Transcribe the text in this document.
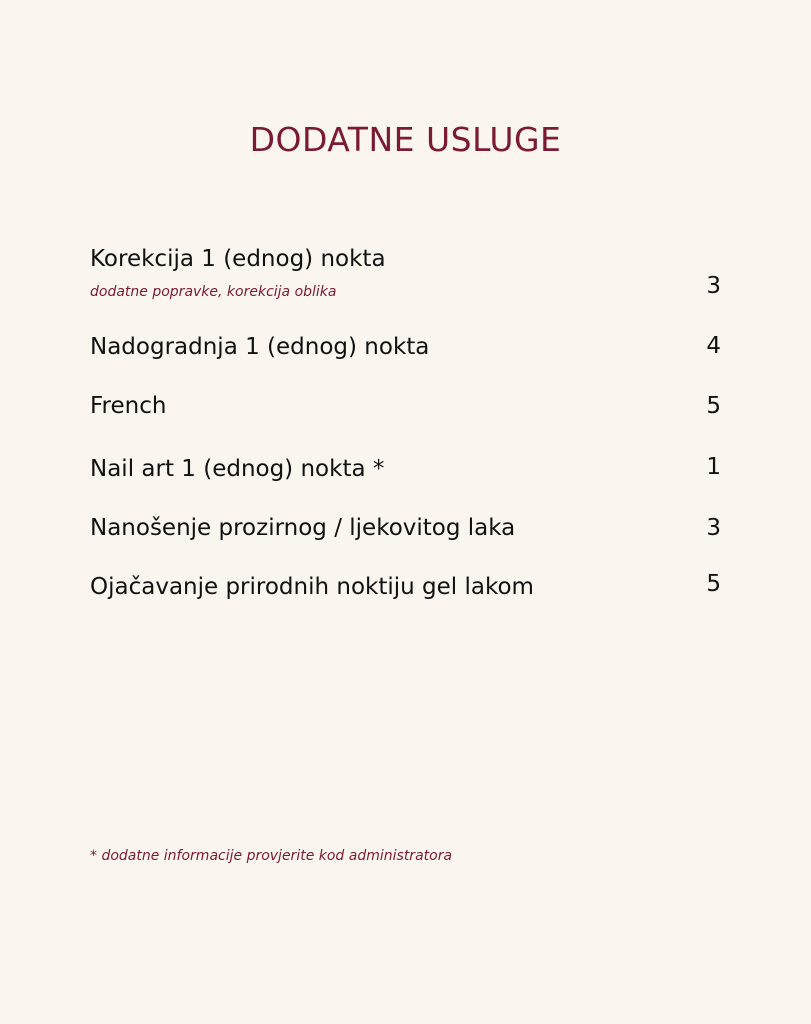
DODATNE USLUGE
Korekcija 1 (ednog) nokta
dodatne popravke, korekcija oblika	3
Nadogradnja 1 (ednog) nokta	4
French	5
Nail art 1 (ednog) nokta *	1
Nanošenje prozirnog / ljekovitog laka	3
Ojačavanje prirodnih noktiju gel lakom	5
* dodatne informacije provjerite kod administratora
